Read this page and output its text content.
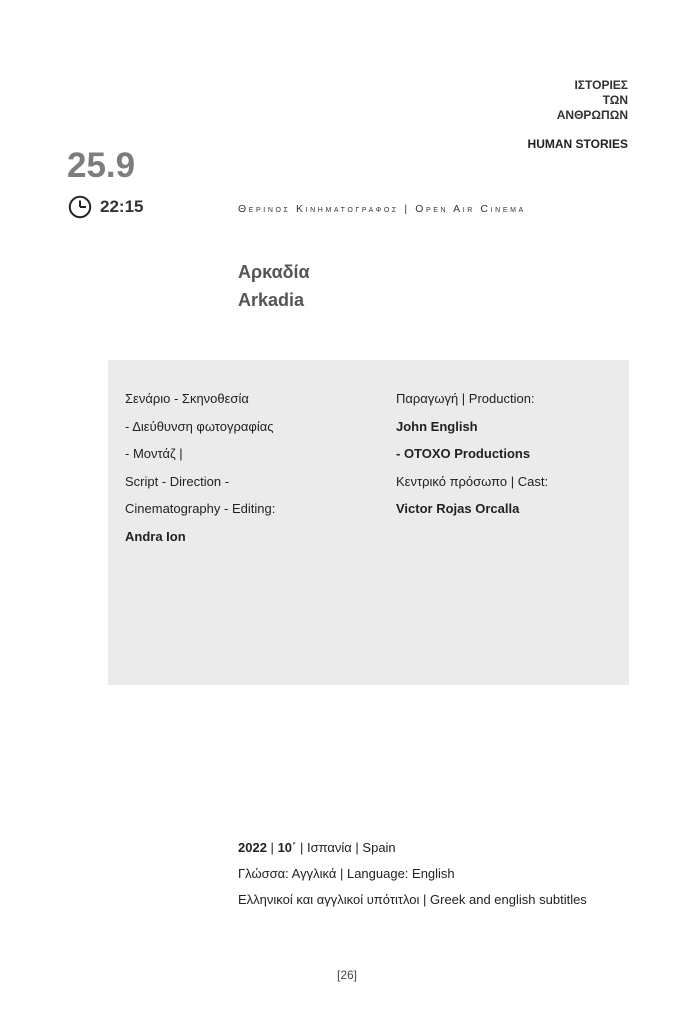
ΙΣΤΟΡΙΕΣ
ΤΩΝ
ΑΝΘΡΩΠΩΝ
HUMAN STORIES
25.9
22:15	Θερινος Κινηματογραφος | Open Air Cinema
Αρκαδία
Arkadia
Σενάριο - Σκηνοθεσία
- Διεύθυνση φωτογραφίας
- Μοντάζ |
Script - Direction -
Cinematography - Editing:
Andra Ion
Παραγωγή | Production:
John English
- OTOXO Productions
Κεντρικό πρόσωπο | Cast:
Victor Rojas Orcalla
2022 | 10΄ | Ισπανία | Spain
Γλώσσα: Αγγλικά | Language: English
Ελληνικοί και αγγλικοί υπότιτλοι | Greek and english subtitles
[26]
